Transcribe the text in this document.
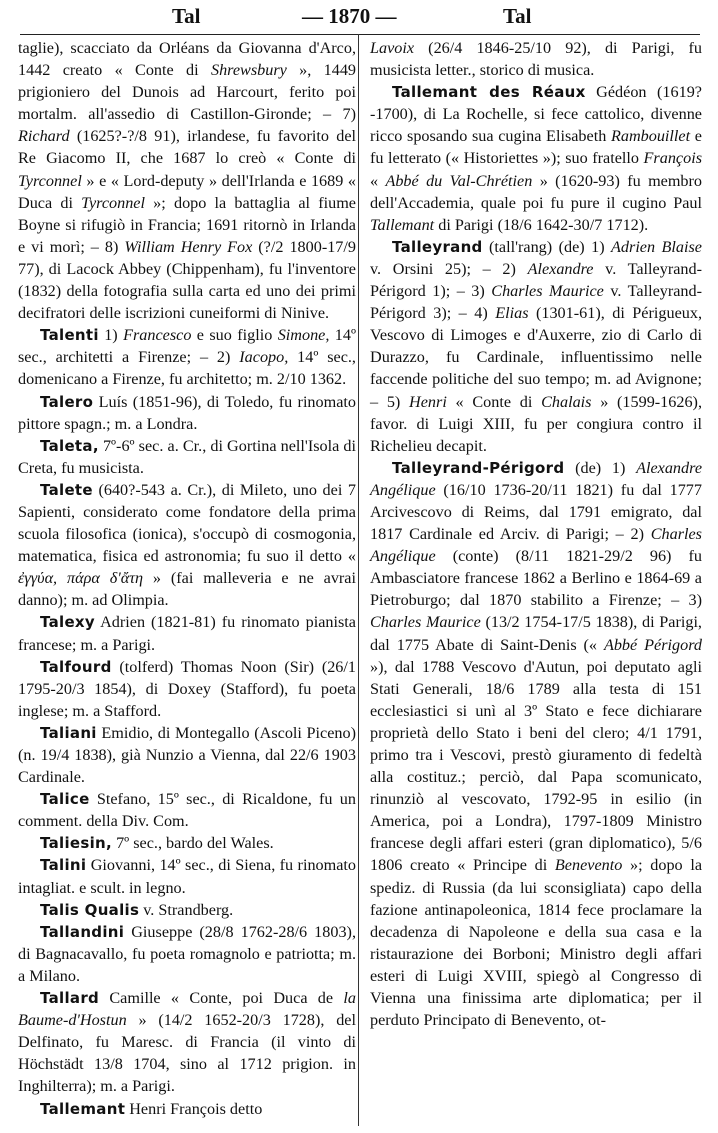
Tal	— 1870 —	Tal

taglie), scacciato da Orléans da Giovanna d'Arco, 1442 creato « Conte di Shrewsbury », 1449 prigioniero del Dunois ad Harcourt, ferito poi mortalm. all'assedio di Castillon-Gironde; – 7) Richard (1625?-?/8 91), irlandese, fu favorito del Re Giacomo II, che 1687 lo creò « Conte di Tyrconnel » e « Lord-deputy » dell'Irlanda e 1689 « Duca di Tyrconnel »; dopo la battaglia al fiume Boyne si rifugiò in Francia; 1691 ritornò in Irlanda e vi morì; – 8) William Henry Fox (?/2 1800-17/9 77), di Lacock Abbey (Chippenham), fu l'inventore (1832) della fotografia sulla carta ed uno dei primi decifratori delle iscrizioni cuneiformi di Ninive.

Talenti 1) Francesco e suo figlio Simone, 14º sec., architetti a Firenze; – 2) Iacopo, 14º sec., domenicano a Firenze, fu architetto; m. 2/10 1362.

Talero Luís (1851-96), di Toledo, fu rinomato pittore spagn.; m. a Londra.

Taleta, 7º-6º sec. a. Cr., di Gortina nell'Isola di Creta, fu musicista.

Talete (640?-543 a. Cr.), di Mileto, uno dei 7 Sapienti, considerato come fondatore della prima scuola filosofica (ionica), s'occupò di cosmogonia, matematica, fisica ed astronomia; fu suo il detto « ἐγγύα, πάρα δ'ἄτη » (fai malleveria e ne avrai danno); m. ad Olimpia.

Talexy Adrien (1821-81) fu rinomato pianista francese; m. a Parigi.

Talfourd (tolferd) Thomas Noon (Sir) (26/1 1795-20/3 1854), di Doxey (Stafford), fu poeta inglese; m. a Stafford.

Taliani Emidio, di Montegallo (Ascoli Piceno) (n. 19/4 1838), già Nunzio a Vienna, dal 22/6 1903 Cardinale.

Talice Stefano, 15º sec., di Ricaldone, fu un comment. della Div. Com.

Taliesin, 7º sec., bardo del Wales.

Talini Giovanni, 14º sec., di Siena, fu rinomato intagliat. e scult. in legno.

Talis Qualis v. Strandberg.

Tallandini Giuseppe (28/8 1762-28/6 1803), di Bagnacavallo, fu poeta romagnolo e patriotta; m. a Milano.

Tallard Camille « Conte, poi Duca de la Baume-d'Hostun » (14/2 1652-20/3 1728), del Delfinato, fu Maresc. di Francia (il vinto di Höchstädt 13/8 1704, sino al 1712 prigion. in Inghilterra); m. a Parigi.

Tallemant Henri François detto

Lavoix (26/4 1846-25/10 92), di Parigi, fu musicista letter., storico di musica.

Tallemant des Réaux Gédéon (1619?-1700), di La Rochelle, si fece cattolico, divenne ricco sposando sua cugina Elisabeth Rambouillet e fu letterato (« Historiettes »); suo fratello François « Abbé du Val-Chrétien » (1620-93) fu membro dell'Accademia, quale poi fu pure il cugino Paul Tallemant di Parigi (18/6 1642-30/7 1712).

Talleyrand (tall'rang) (de) 1) Adrien Blaise v. Orsini 25); – 2) Alexandre v. Talleyrand-Périgord 1); – 3) Charles Maurice v. Talleyrand-Périgord 3); – 4) Elias (1301-61), di Périgueux, Vescovo di Limoges e d'Auxerre, zio di Carlo di Durazzo, fu Cardinale, influentissimo nelle faccende politiche del suo tempo; m. ad Avignone; – 5) Henri « Conte di Chalais » (1599-1626), favor. di Luigi XIII, fu per congiura contro il Richelieu decapit.

Talleyrand-Périgord (de) 1) Alexandre Angélique (16/10 1736-20/11 1821) fu dal 1777 Arcivescovo di Reims, dal 1791 emigrato, dal 1817 Cardinale ed Arciv. di Parigi; – 2) Charles Angélique (conte) (8/11 1821-29/2 96) fu Ambasciatore francese 1862 a Berlino e 1864-69 a Pietroburgo; dal 1870 stabilito a Firenze; – 3) Charles Maurice (13/2 1754-17/5 1838), di Parigi, dal 1775 Abate di Saint-Denis (« Abbé Périgord »), dal 1788 Vescovo d'Autun, poi deputato agli Stati Generali, 18/6 1789 alla testa di 151 ecclesiastici si unì al 3º Stato e fece dichiarare proprietà dello Stato i beni del clero; 4/1 1791, primo tra i Vescovi, prestò giuramento di fedeltà alla costituz.; perciò, dal Papa scomunicato, rinunziò al vescovato, 1792-95 in esilio (in America, poi a Londra), 1797-1809 Ministro francese degli affari esteri (gran diplomatico), 5/6 1806 creato « Principe di Benevento »; dopo la spediz. di Russia (da lui sconsigliata) capo della fazione antinapoleonica, 1814 fece proclamare la decadenza di Napoleone e della sua casa e la ristaurazione dei Borboni; Ministro degli affari esteri di Luigi XVIII, spiegò al Congresso di Vienna una finissima arte diplomatica; per il perduto Principato di Benevento, ot-
